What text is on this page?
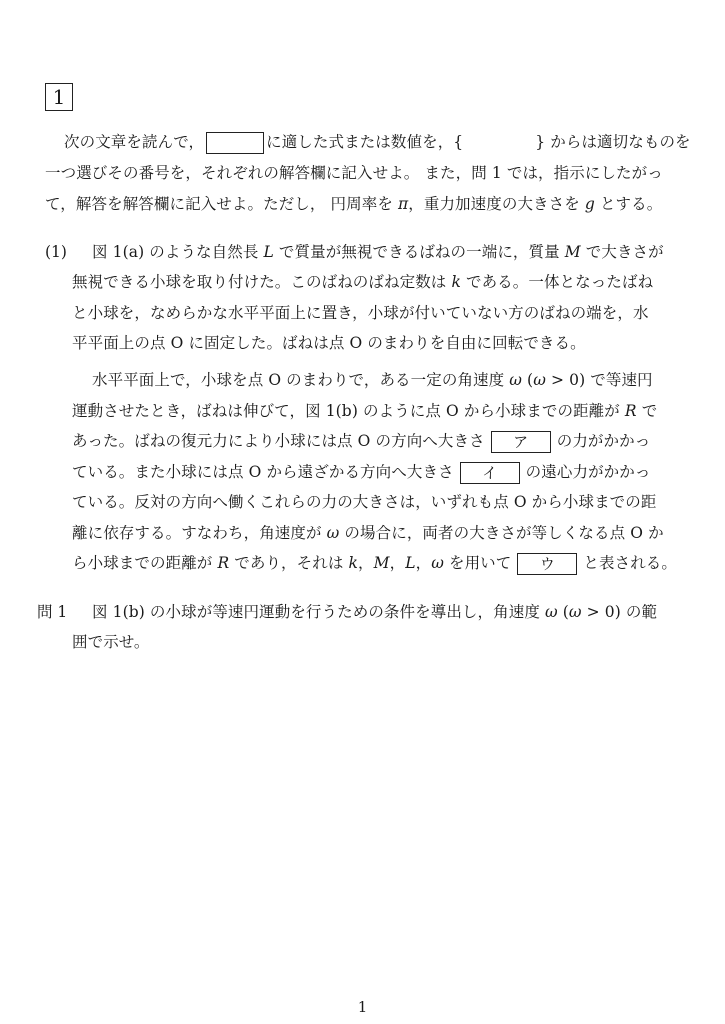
1
次の文章を読んで，	に適した式または数値を，{	} からは適切なものを
一つ選びその番号を，それぞれの解答欄に記入せよ。 また，問 1 では，指示にしたがっ
て，解答を解答欄に記入せよ。ただし， 円周率を π，重力加速度の大きさを g とする。
(1) 図 1(a) のような自然長 L で質量が無視できるばねの一端に，質量 M で大きさが
無視できる小球を取り付けた。このばねのばね定数は k である。一体となったばね
と小球を，なめらかな水平平面上に置き，小球が付いていない方のばねの端を，水
平平面上の点 O に固定した。ばねは点 O のまわりを自由に回転できる。
水平平面上で，小球を点 O のまわりで，ある一定の角速度 ω (ω > 0) で等速円
運動させたとき，ばねは伸びて，図 1(b) のように点 O から小球までの距離が R で
あった。ばねの復元力により小球には点 O の方向へ大きさ ア の力がかかっ
ている。また小球には点 O から遠ざかる方向へ大きさ イ の遠心力がかかっ
ている。反対の方向へ働くこれらの力の大きさは，いずれも点 O から小球までの距
離に依存する。すなわち，角速度が ω の場合に，両者の大きさが等しくなる点 O か
ら小球までの距離が R であり，それは k，M，L，ω を用いて ウ と表される。
問 1 図 1(b) の小球が等速円運動を行うための条件を導出し，角速度 ω (ω > 0) の範
囲で示せ。
1
